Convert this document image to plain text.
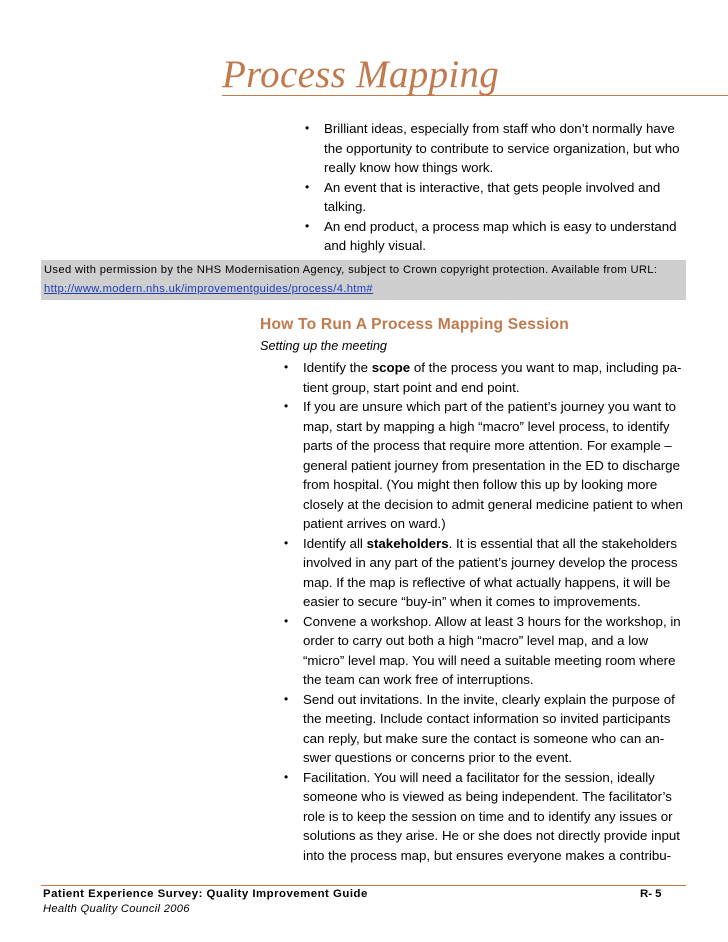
Process Mapping
• Brilliant ideas, especially from staff who don’t normally have the opportunity to contribute to service organization, but who really know how things work.
• An event that is interactive, that gets people involved and talking.
• An end product, a process map which is easy to understand and highly visual.
Used with permission by the NHS Modernisation Agency, subject to Crown copyright protection. Available from URL:
http://www.modern.nhs.uk/improvementguides/process/4.htm#
How To Run A Process Mapping Session
Setting up the meeting
• Identify the scope of the process you want to map, including pa-tient group, start point and end point.
• If you are unsure which part of the patient’s journey you want to map, start by mapping a high “macro” level process, to identify parts of the process that require more attention. For example – general patient journey from presentation in the ED to discharge from hospital. (You might then follow this up by looking more closely at the decision to admit general medicine patient to when patient arrives on ward.)
• Identify all stakeholders. It is essential that all the stakeholders involved in any part of the patient’s journey develop the process map. If the map is reflective of what actually happens, it will be easier to secure “buy-in” when it comes to improvements.
• Convene a workshop. Allow at least 3 hours for the workshop, in order to carry out both a high “macro” level map, and a low “micro” level map. You will need a suitable meeting room where the team can work free of interruptions.
• Send out invitations. In the invite, clearly explain the purpose of the meeting. Include contact information so invited participants can reply, but make sure the contact is someone who can an-swer questions or concerns prior to the event.
• Facilitation. You will need a facilitator for the session, ideally someone who is viewed as being independent. The facilitator’s role is to keep the session on time and to identify any issues or solutions as they arise. He or she does not directly provide input into the process map, but ensures everyone makes a contribu-
Patient Experience Survey: Quality Improvement Guide	R- 5
Health Quality Council 2006
